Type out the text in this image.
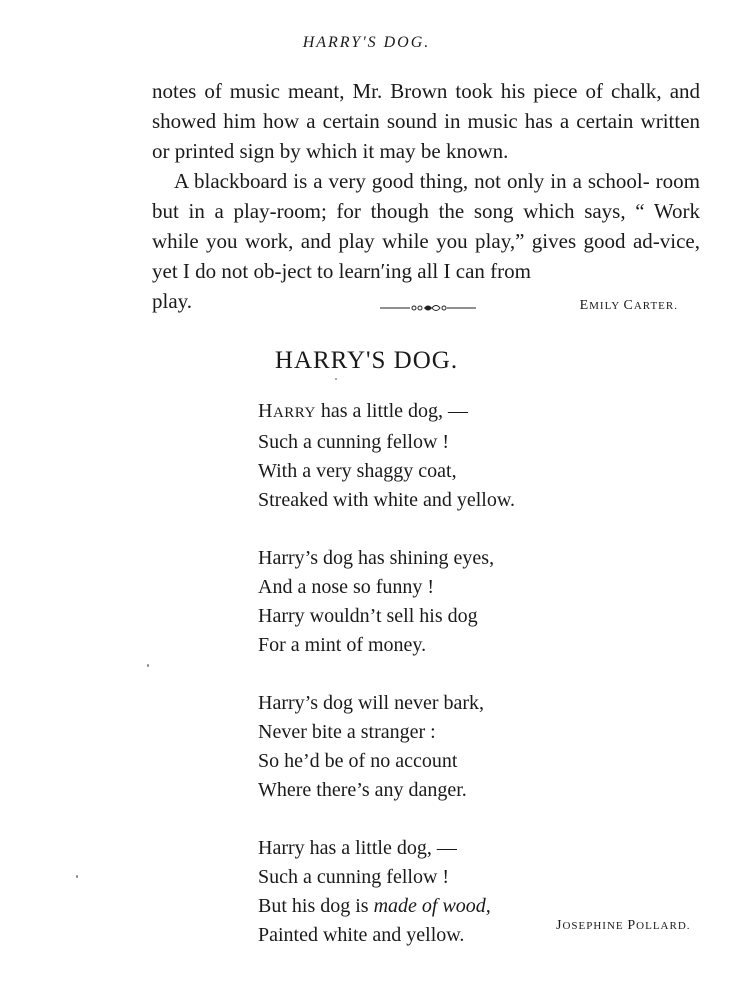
HARRY'S DOG.

notes of music meant, Mr. Brown took his piece of chalk, and showed him how a certain sound in music has a certain written or printed sign by which it may be known.

A blackboard is a very good thing, not only in a school- room but in a play-room; for though the song which says, “ Work while you work, and play while you play,” gives good ad-vice, yet I do not ob-ject to learn′ing all I can from

play.	EMILY CARTER.
HARRY'S DOG.
HARRY has a little dog, —
Such a cunning fellow !
With a very shaggy coat,
Streaked with white and yellow.
Harry’s dog has shining eyes,
And a nose so funny !
Harry wouldn’t sell his dog
For a mint of money.
Harry’s dog will never bark,
Never bite a stranger :
So he’d be of no account
Where there’s any danger.
Harry has a little dog, —
Such a cunning fellow !
But his dog is made of wood,
Painted white and yellow.	JOSEPHINE POLLARD.
